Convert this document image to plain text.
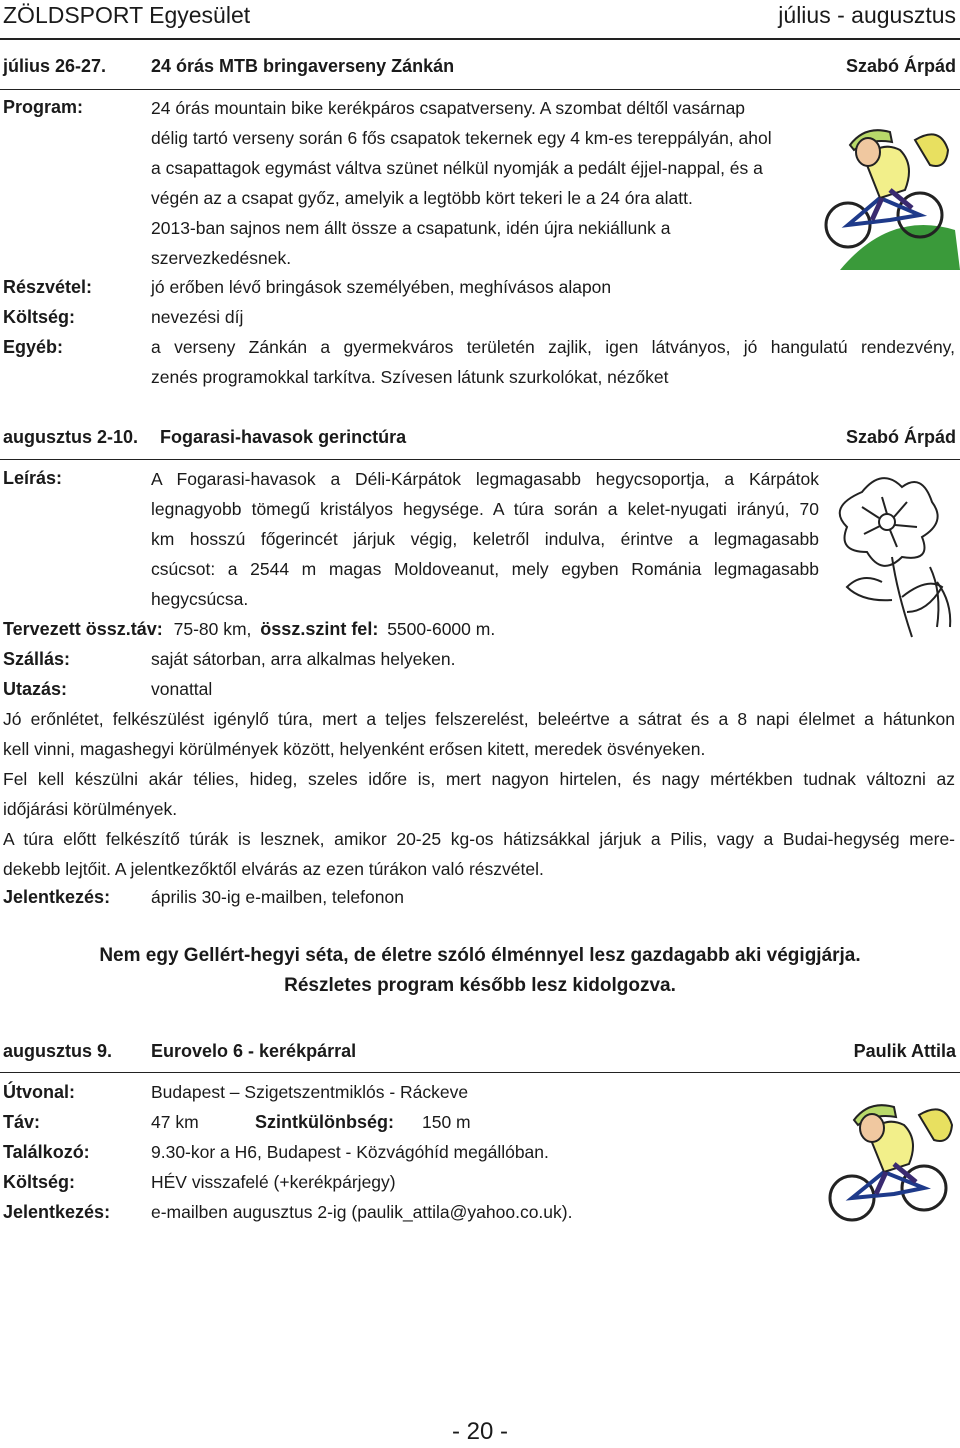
ZÖLDSPORT Egyesület	július - augusztus
július 26-27. 24 órás MTB bringaverseny Zánkán	Szabó Árpád
Program:	24 órás mountain bike kerékpáros csapatverseny. A szombat déltől vasárnap
délig tartó verseny során 6 fős csapatok tekernek egy 4 km-es tereppályán, ahol
a csapattagok egymást váltva szünet nélkül nyomják a pedált éjjel-nappal, és a
végén az a csapat győz, amelyik a legtöbb kört tekeri le a 24 óra alatt.
2013-ban sajnos nem állt össze a csapatunk, idén újra nekiállunk a
szervezkedésnek.
Részvétel:	jó erőben lévő bringások személyében, meghívásos alapon
Költség:	nevezési díj
Egyéb:	a verseny Zánkán a gyermekváros területén zajlik, igen látványos, jó hangulatú rendezvény,
zenés programokkal tarkítva. Szívesen látunk szurkolókat, nézőket
augusztus 2-10. Fogarasi-havasok gerinctúra	Szabó Árpád
Leírás:	A Fogarasi-havasok a Déli-Kárpátok legmagasabb hegycsoportja, a Kárpátok
legnagyobb tömegű kristályos hegysége. A túra során a kelet-nyugati irányú, 70
km hosszú főgerincét járjuk végig, keletről indulva, érintve a legmagasabb
csúcsot: a 2544 m magas Moldoveanut, mely egyben Románia legmagasabb
hegycsúcsa.
Tervezett össz.táv: 75-80 km, össz.szint fel: 5500-6000 m.
Szállás:	saját sátorban, arra alkalmas helyeken.
Utazás:	vonattal
Jó erőnlétet, felkészülést igénylő túra, mert a teljes felszerelést, beleértve a sátrat és a 8 napi élelmet a hátunkon
kell vinni, magashegyi körülmények között, helyenként erősen kitett, meredek ösvényeken.
Fel kell készülni akár télies, hideg, szeles időre is, mert nagyon hirtelen, és nagy mértékben tudnak változni az
időjárási körülmények.
A túra előtt felkészítő túrák is lesznek, amikor 20-25 kg-os hátizsákkal járjuk a Pilis, vagy a Budai-hegység mere-
dekebb lejtőit. A jelentkezőktől elvárás az ezen túrákon való részvétel.
Jelentkezés: április 30-ig e-mailben, telefonon
Nem egy Gellért-hegyi séta, de életre szóló élménnyel lesz gazdagabb aki végigjárja.
Részletes program később lesz kidolgozva.
augusztus 9. Eurovelo 6 - kerékpárral	Paulik Attila
Útvonal:	Budapest – Szigetszentmiklós - Ráckeve
Táv:	47 km	Szintkülönbség: 150 m
Találkozó:	9.30-kor a H6, Budapest - Közvágóhíd megállóban.
Költség:	HÉV visszafelé (+kerékpárjegy)
Jelentkezés: e-mailben augusztus 2-ig (paulik_attila@yahoo.co.uk).
- 20 -
